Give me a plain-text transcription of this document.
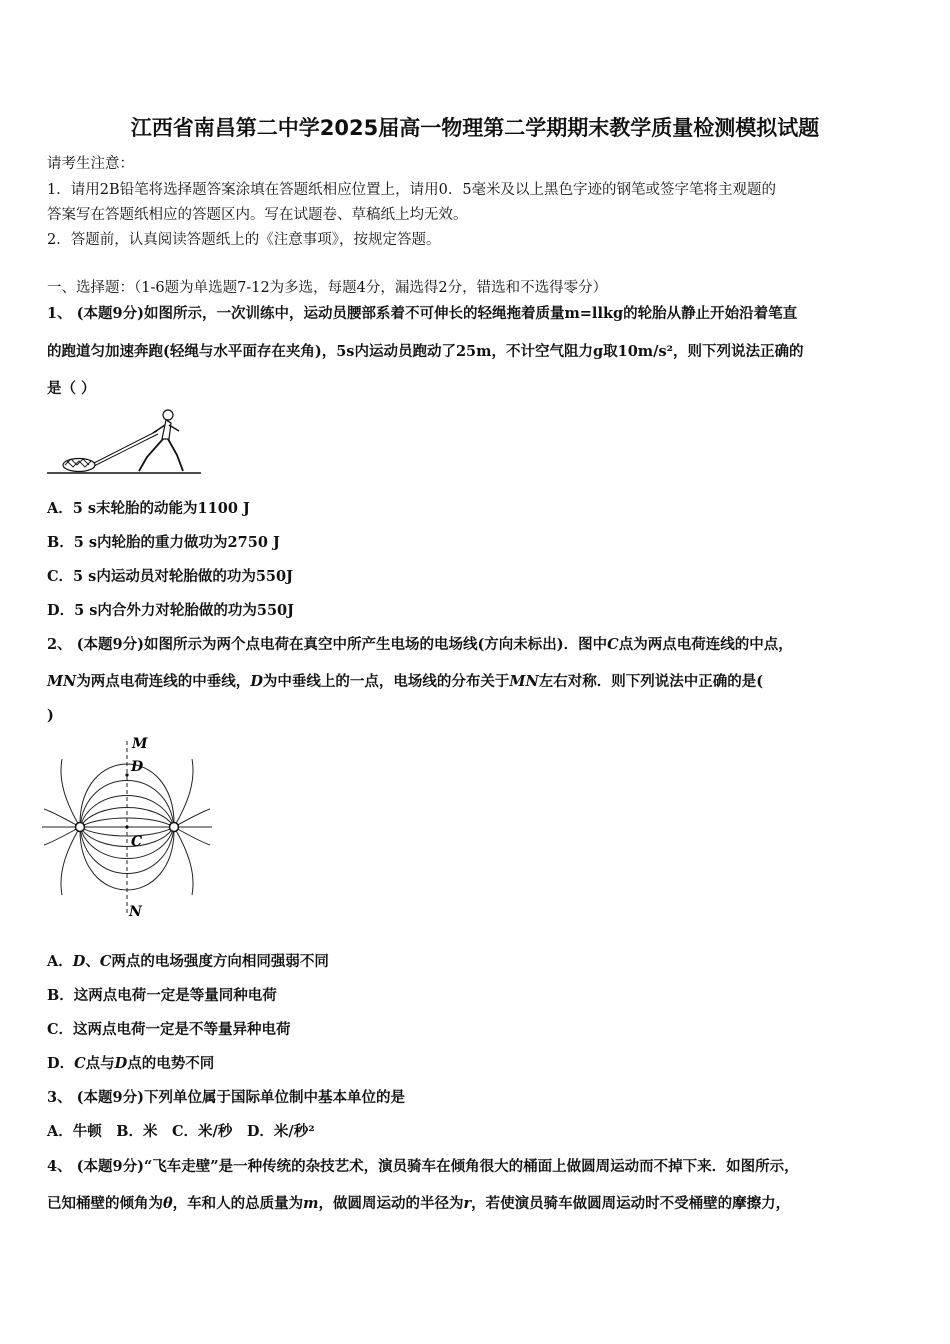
江西省南昌第二中学2025届高一物理第二学期期末教学质量检测模拟试题
请考生注意：
1．请用2B铅笔将选择题答案涂填在答题纸相应位置上，请用0．5毫米及以上黑色字迹的钢笔或签字笔将主观题的
答案写在答题纸相应的答题区内。写在试题卷、草稿纸上均无效。
2．答题前，认真阅读答题纸上的《注意事项》，按规定答题。
一、选择题：（1-6题为单选题7-12为多选，每题4分，漏选得2分，错选和不选得零分）
1、 (本题9分)如图所示，一次训练中，运动员腰部系着不可伸长的轻绳拖着质量m=llkg的轮胎从静止开始沿着笔直
的跑道匀加速奔跑(轻绳与水平面存在夹角)，5s内运动员跑动了25m，不计空气阻力g取10m/s²，则下列说法正确的
是（ ）
A．5 s末轮胎的动能为1100 J
B．5 s内轮胎的重力做功为2750 J
C．5 s内运动员对轮胎做的功为550J
D．5 s内合外力对轮胎做的功为550J
2、 (本题9分)如图所示为两个点电荷在真空中所产生电场的电场线(方向未标出)．图中C点为两点电荷连线的中点，
MN为两点电荷连线的中垂线，D为中垂线上的一点，电场线的分布关于MN左右对称．则下列说法中正确的是(
)
M
D
C
N
A．D、C两点的电场强度方向相同强弱不同
B．这两点电荷一定是等量同种电荷
C．这两点电荷一定是不等量异种电荷
D．C点与D点的电势不同
3、 (本题9分)下列单位属于国际单位制中基本单位的是
A．牛顿　B．米　C．米/秒　D．米/秒²
4、 (本题9分)“飞车走壁”是一种传统的杂技艺术，演员骑车在倾角很大的桶面上做圆周运动而不掉下来．如图所示，
已知桶壁的倾角为θ，车和人的总质量为m，做圆周运动的半径为r，若使演员骑车做圆周运动时不受桶壁的摩擦力，
